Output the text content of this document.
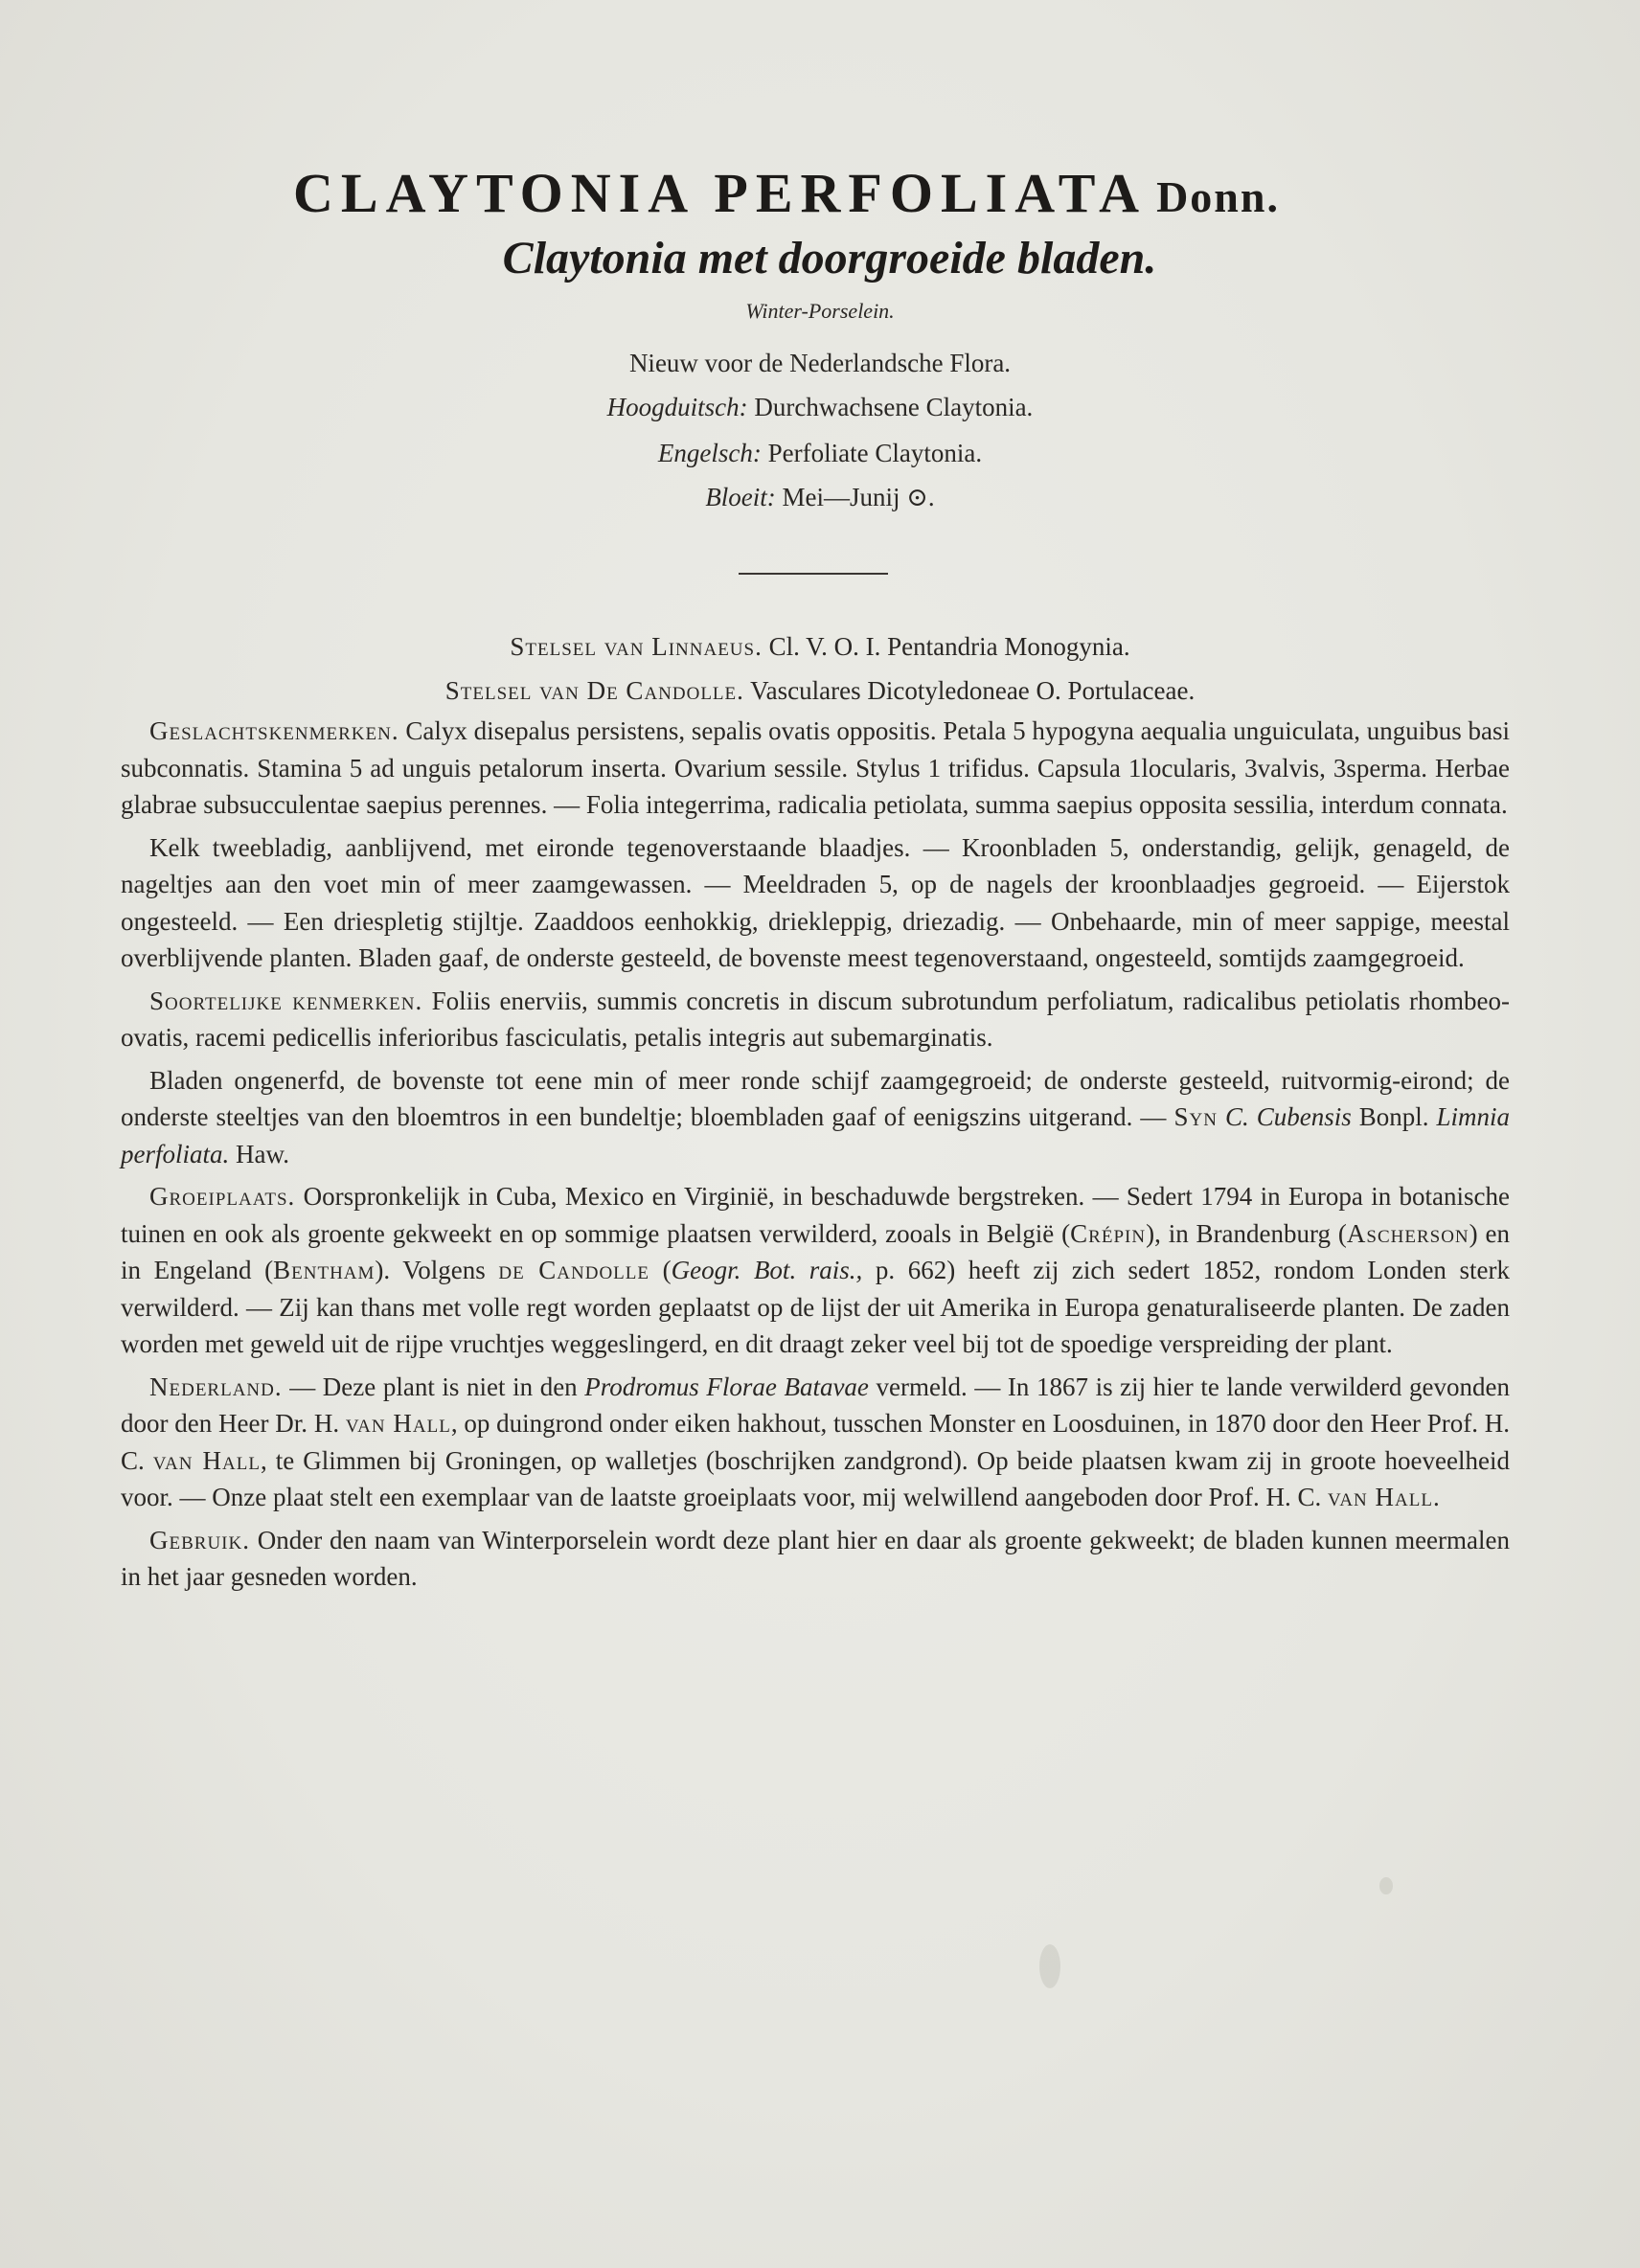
CLAYTONIA PERFOLIATA Donn.
Claytonia met doorgroeide bladen.
Winter-Porselein.
Nieuw voor de Nederlandsche Flora.
Hoogduitsch: Durchwachsene Claytonia.
Engelsch: Perfoliate Claytonia.
Bloeit: Mei—Junij ⊙.
Stelsel van Linnaeus. Cl. V. O. I. Pentandria Monogynia.
Stelsel van De Candolle. Vasculares Dicotyledoneae O. Portulaceae.

Geslachtskenmerken. Calyx disepalus persistens, sepalis ovatis oppositis. Petala 5 hypogyna aequalia unguiculata, unguibus basi subconnatis. Stamina 5 ad unguis petalorum inserta. Ovarium sessile. Stylus 1 trifidus. Capsula 1locularis, 3valvis, 3sperma. Herbae glabrae subsucculentae saepius perennes. — Folia integerrima, radicalia petiolata, summa saepius opposita sessilia, interdum connata.

Kelk tweebladig, aanblijvend, met eironde tegenoverstaande blaadjes. — Kroonbladen 5, onderstandig, gelijk, genageld, de nageltjes aan den voet min of meer zaamgewassen. — Meeldraden 5, op de nagels der kroonblaadjes gegroeid. — Eijerstok ongesteeld. — Een driespletig stijltje. Zaaddoos eenhokkig, driekleppig, driezadig. — Onbehaarde, min of meer sappige, meestal overblijvende planten. Bladen gaaf, de onderste gesteeld, de bovenste meest tegenoverstaand, ongesteeld, somtijds zaamgegroeid.

Soortelijke kenmerken. Foliis enerviis, summis concretis in discum subrotundum perfoliatum, radicalibus petiolatis rhombeo-ovatis, racemi pedicellis inferioribus fasciculatis, petalis integris aut subemarginatis.

Bladen ongenerfd, de bovenste tot eene min of meer ronde schijf zaamgegroeid; de onderste gesteeld, ruitvormig-eirond; de onderste steeltjes van den bloemtros in een bundeltje; bloembladen gaaf of eenigszins uitgerand. — Syn C. Cubensis Bonpl. Limnia perfoliata. Haw.

Groeiplaats. Oorspronkelijk in Cuba, Mexico en Virginië, in beschaduwde bergstreken. — Sedert 1794 in Europa in botanische tuinen en ook als groente gekweekt en op sommige plaatsen verwilderd, zooals in België (Crépin), in Brandenburg (Ascherson) en in Engeland (Bentham). Volgens de Candolle (Geogr. Bot. rais., p. 662) heeft zij zich sedert 1852, rondom Londen sterk verwilderd. — Zij kan thans met volle regt worden geplaatst op de lijst der uit Amerika in Europa genaturaliseerde planten. De zaden worden met geweld uit de rijpe vruchtjes weggeslingerd, en dit draagt zeker veel bij tot de spoedige verspreiding der plant.

Nederland. — Deze plant is niet in den Prodromus Florae Batavae vermeld. — In 1867 is zij hier te lande verwilderd gevonden door den Heer Dr. H. van Hall, op duingrond onder eiken hakhout, tusschen Monster en Loosduinen, in 1870 door den Heer Prof. H. C. van Hall, te Glimmen bij Groningen, op walletjes (boschrijken zandgrond). Op beide plaatsen kwam zij in groote hoeveelheid voor. — Onze plaat stelt een exemplaar van de laatste groeiplaats voor, mij welwillend aangeboden door Prof. H. C. van Hall.

Gebruik. Onder den naam van Winterporselein wordt deze plant hier en daar als groente gekweekt; de bladen kunnen meermalen in het jaar gesneden worden.
